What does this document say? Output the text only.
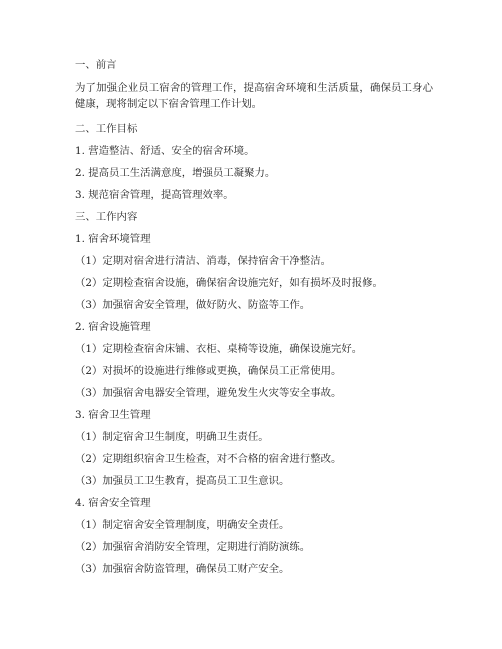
一、前言
为了加强企业员工宿舍的管理工作，提高宿舍环境和生活质量，确保员工身心健康，现将制定以下宿舍管理工作计划。
二、工作目标
1. 营造整洁、舒适、安全的宿舍环境。
2. 提高员工生活满意度，增强员工凝聚力。
3. 规范宿舍管理，提高管理效率。
三、工作内容
1. 宿舍环境管理
（1）定期对宿舍进行清洁、消毒，保持宿舍干净整洁。
（2）定期检查宿舍设施，确保宿舍设施完好，如有损坏及时报修。
（3）加强宿舍安全管理，做好防火、防盗等工作。
2. 宿舍设施管理
（1）定期检查宿舍床铺、衣柜、桌椅等设施，确保设施完好。
（2）对损坏的设施进行维修或更换，确保员工正常使用。
（3）加强宿舍电器安全管理，避免发生火灾等安全事故。
3. 宿舍卫生管理
（1）制定宿舍卫生制度，明确卫生责任。
（2）定期组织宿舍卫生检查，对不合格的宿舍进行整改。
（3）加强员工卫生教育，提高员工卫生意识。
4. 宿舍安全管理
（1）制定宿舍安全管理制度，明确安全责任。
（2）加强宿舍消防安全管理，定期进行消防演练。
（3）加强宿舍防盗管理，确保员工财产安全。
